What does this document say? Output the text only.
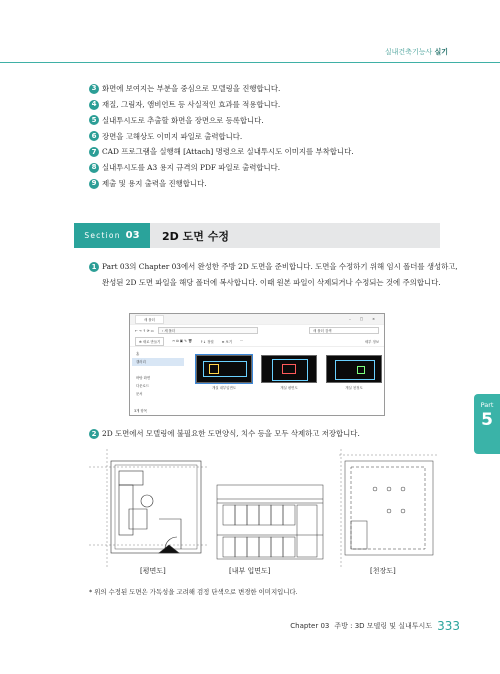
실내건축기능사 실기
3 화면에 보여지는 부분을 중심으로 모델링을 진행합니다.
4 재질, 그림자, 앰비언트 등 사실적인 효과를 적용합니다.
5 실내투시도로 추출할 화면을 장면으로 등록합니다.
6 장면을 고해상도 이미지 파일로 출력합니다.
7 CAD 프로그램을 실행해 [Attach] 명령으로 실내투시도 이미지를 부착합니다.
8 실내투시도를 A3 용지 규격의 PDF 파일로 출력합니다.
9 제출 및 용지 출력을 진행합니다.
Section 03 2D 도면 수정
1 Part 03의 Chapter 03에서 완성한 주방 2D 도면을 준비합니다. 도면을 수정하기 위해 임시 폴더를 생성하고, 완성된 2D 도면 파일을 해당 폴더에 복사합니다. 이때 원본 파일이 삭제되거나 수정되는 것에 주의합니다.

새 폴더	– □ ×
← → ↑ ⟳ ▭	› 새 폴더	새 폴더 검색
⊕ 새로 만들기	✂ ⧉ ▣ ✎ 🗑 ↑↓ 정렬 ≡ 보기 ···	세부 정보
홈
갤러리
바탕 화면
다운로드
문서
개실 내부입면도	개실 평면도	개실 천정도
3개 항목
2 2D 도면에서 모델링에 불필요한 도면양식, 치수 등을 모두 삭제하고 저장합니다.

[평면도]	[내부 입면도]	[천장도]
* 위의 수정된 도면은 가독성을 고려해 검정 단색으로 변경한 이미지입니다.
Part
5
Chapter 03 주방 : 3D 모델링 및 실내투시도 333
